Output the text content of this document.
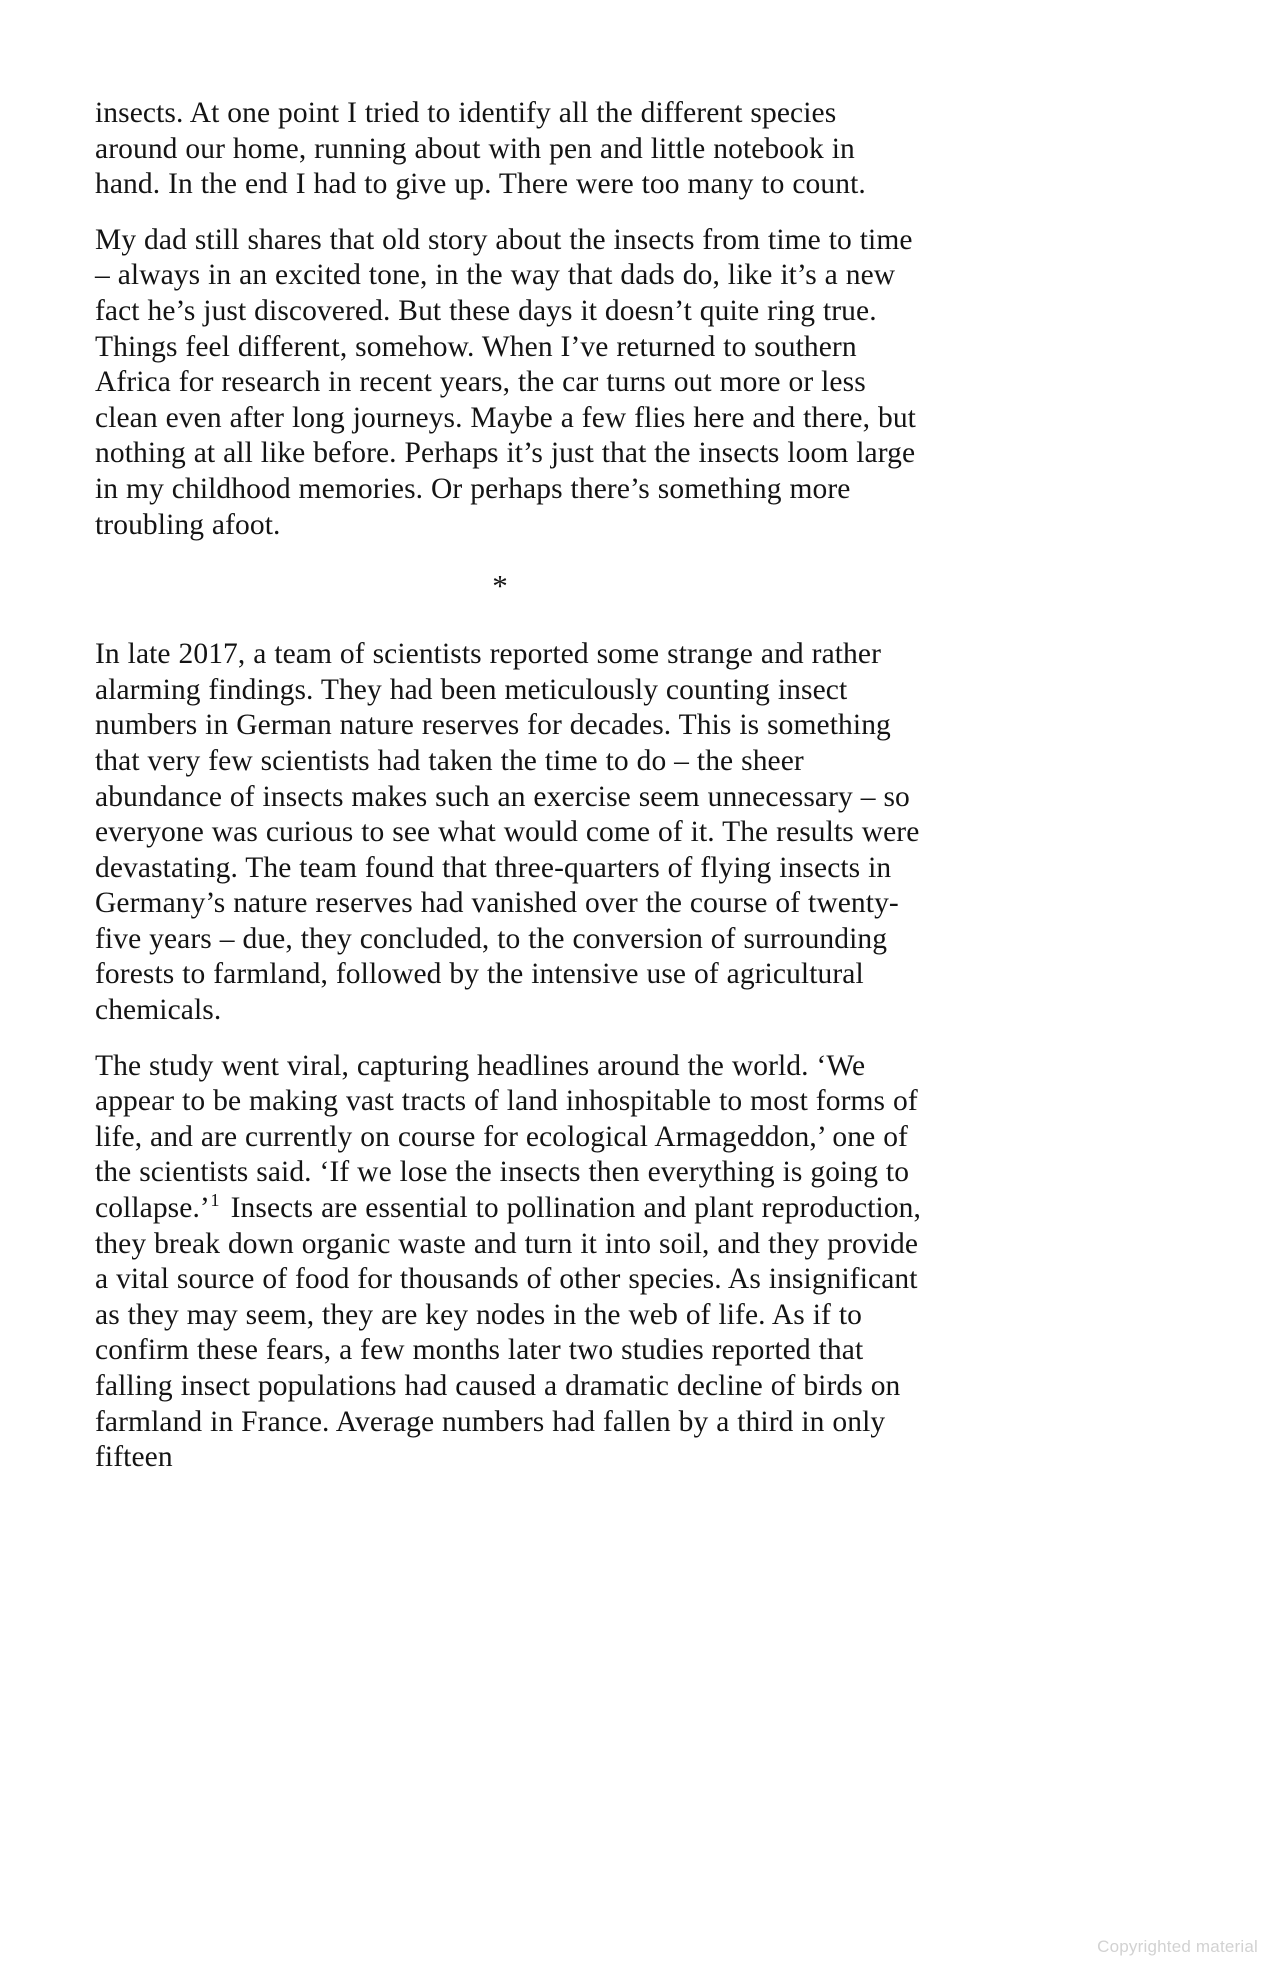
insects. At one point I tried to identify all the different species around our home, running about with pen and little notebook in hand. In the end I had to give up. There were too many to count.

My dad still shares that old story about the insects from time to time – always in an excited tone, in the way that dads do, like it’s a new fact he’s just discovered. But these days it doesn’t quite ring true. Things feel different, somehow. When I’ve returned to southern Africa for research in recent years, the car turns out more or less clean even after long journeys. Maybe a few flies here and there, but nothing at all like before. Perhaps it’s just that the insects loom large in my childhood memories. Or perhaps there’s something more troubling afoot.

*

In late 2017, a team of scientists reported some strange and rather alarming findings. They had been meticulously counting insect numbers in German nature reserves for decades. This is something that very few scientists had taken the time to do – the sheer abundance of insects makes such an exercise seem unnecessary – so everyone was curious to see what would come of it. The results were devastating. The team found that three-quarters of flying insects in Germany’s nature reserves had vanished over the course of twenty-five years – due, they concluded, to the conversion of surrounding forests to farmland, followed by the intensive use of agricultural chemicals.

The study went viral, capturing headlines around the world. ‘We appear to be making vast tracts of land inhospitable to most forms of life, and are currently on course for ecological Armageddon,’ one of the scientists said. ‘If we lose the insects then everything is going to collapse.’$^1$ Insects are essential to pollination and plant reproduction, they break down organic waste and turn it into soil, and they provide a vital source of food for thousands of other species. As insignificant as they may seem, they are key nodes in the web of life. As if to confirm these fears, a few months later two studies reported that falling insect populations had caused a dramatic decline of birds on farmland in France. Average numbers had fallen by a third in only fifteen

Copyrighted material
